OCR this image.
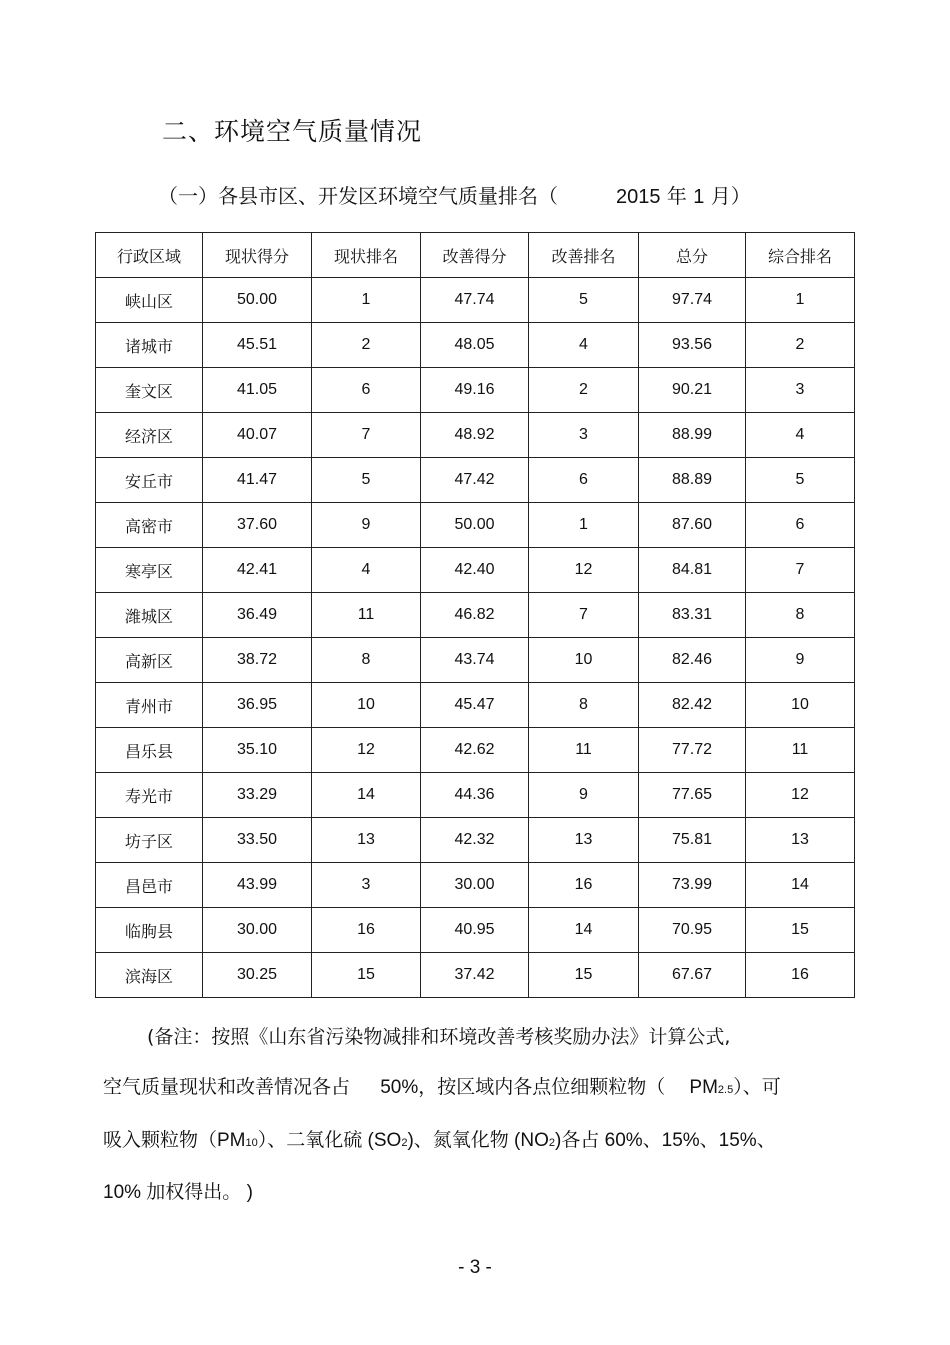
二、环境空气质量情况
（一）各县市区、开发区环境空气质量排名（	2015 年 1 月）
行政区域	现状得分	现状排名	改善得分	改善排名	总分	综合排名
峡山区	50.00	1	47.74	5	97.74	1
诸城市	45.51	2	48.05	4	93.56	2
奎文区	41.05	6	49.16	2	90.21	3
经济区	40.07	7	48.92	3	88.99	4
安丘市	41.47	5	47.42	6	88.89	5
高密市	37.60	9	50.00	1	87.60	6
寒亭区	42.41	4	42.40	12	84.81	7
潍城区	36.49	11	46.82	7	83.31	8
高新区	38.72	8	43.74	10	82.46	9
青州市	36.95	10	45.47	8	82.42	10
昌乐县	35.10	12	42.62	11	77.72	11
寿光市	33.29	14	44.36	9	77.65	12
坊子区	33.50	13	42.32	13	75.81	13
昌邑市	43.99	3	30.00	16	73.99	14
临朐县	30.00	16	40.95	14	70.95	15
滨海区	30.25	15	37.42	15	67.67	16
(备注：按照《山东省污染物减排和环境改善考核奖励办法》计算公式,
空气质量现状和改善情况各占 50%，按区域内各点位细颗粒物（ PM2.5）、可
吸入颗粒物（PM10）、二氧化硫 (SO2)、氮氧化物 (NO2)各占 60%、15%、15%、
10% 加权得出。 )
- 3 -
